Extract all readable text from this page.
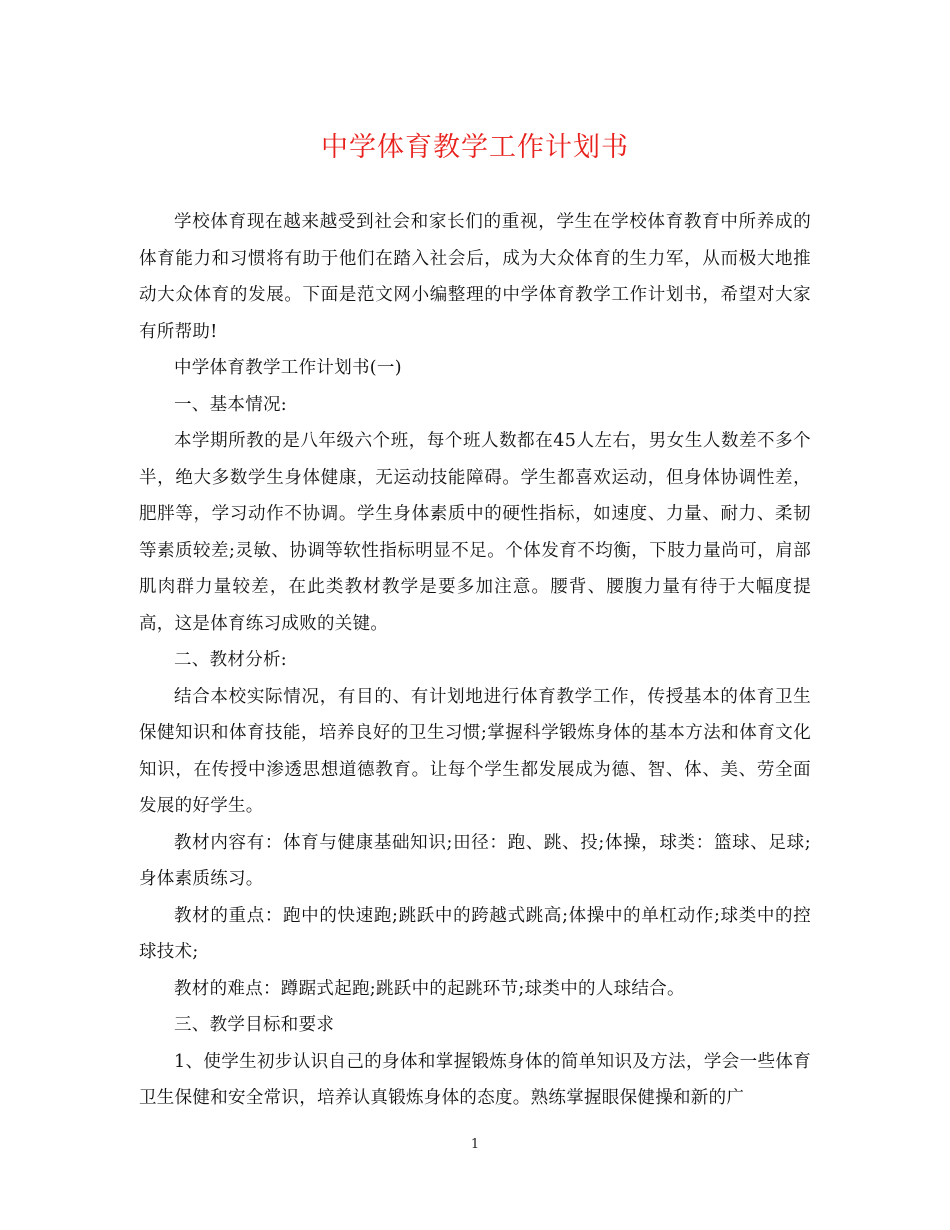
中学体育教学工作计划书

学校体育现在越来越受到社会和家长们的重视，学生在学校体育教育中所养成的体育能力和习惯将有助于他们在踏入社会后，成为大众体育的生力军，从而极大地推动大众体育的发展。下面是范文网小编整理的中学体育教学工作计划书，希望对大家有所帮助!

中学体育教学工作计划书(一)

一、基本情况:

本学期所教的是八年级六个班，每个班人数都在45人左右，男女生人数差不多个半，绝大多数学生身体健康，无运动技能障碍。学生都喜欢运动，但身体协调性差，肥胖等，学习动作不协调。学生身体素质中的硬性指标，如速度、力量、耐力、柔韧等素质较差;灵敏、协调等软性指标明显不足。个体发育不均衡，下肢力量尚可，肩部肌肉群力量较差，在此类教材教学是要多加注意。腰背、腰腹力量有待于大幅度提高，这是体育练习成败的关键。

二、教材分析:

结合本校实际情况，有目的、有计划地进行体育教学工作，传授基本的体育卫生保健知识和体育技能，培养良好的卫生习惯;掌握科学锻炼身体的基本方法和体育文化知识，在传授中渗透思想道德教育。让每个学生都发展成为德、智、体、美、劳全面发展的好学生。

教材内容有：体育与健康基础知识;田径：跑、跳、投;体操，球类：篮球、足球;身体素质练习。

教材的重点：跑中的快速跑;跳跃中的跨越式跳高;体操中的单杠动作;球类中的控球技术;

教材的难点：蹲踞式起跑;跳跃中的起跳环节;球类中的人球结合。

三、教学目标和要求

1、使学生初步认识自己的身体和掌握锻炼身体的简单知识及方法，学会一些体育卫生保健和安全常识，培养认真锻炼身体的态度。熟练掌握眼保健操和新的广

1
